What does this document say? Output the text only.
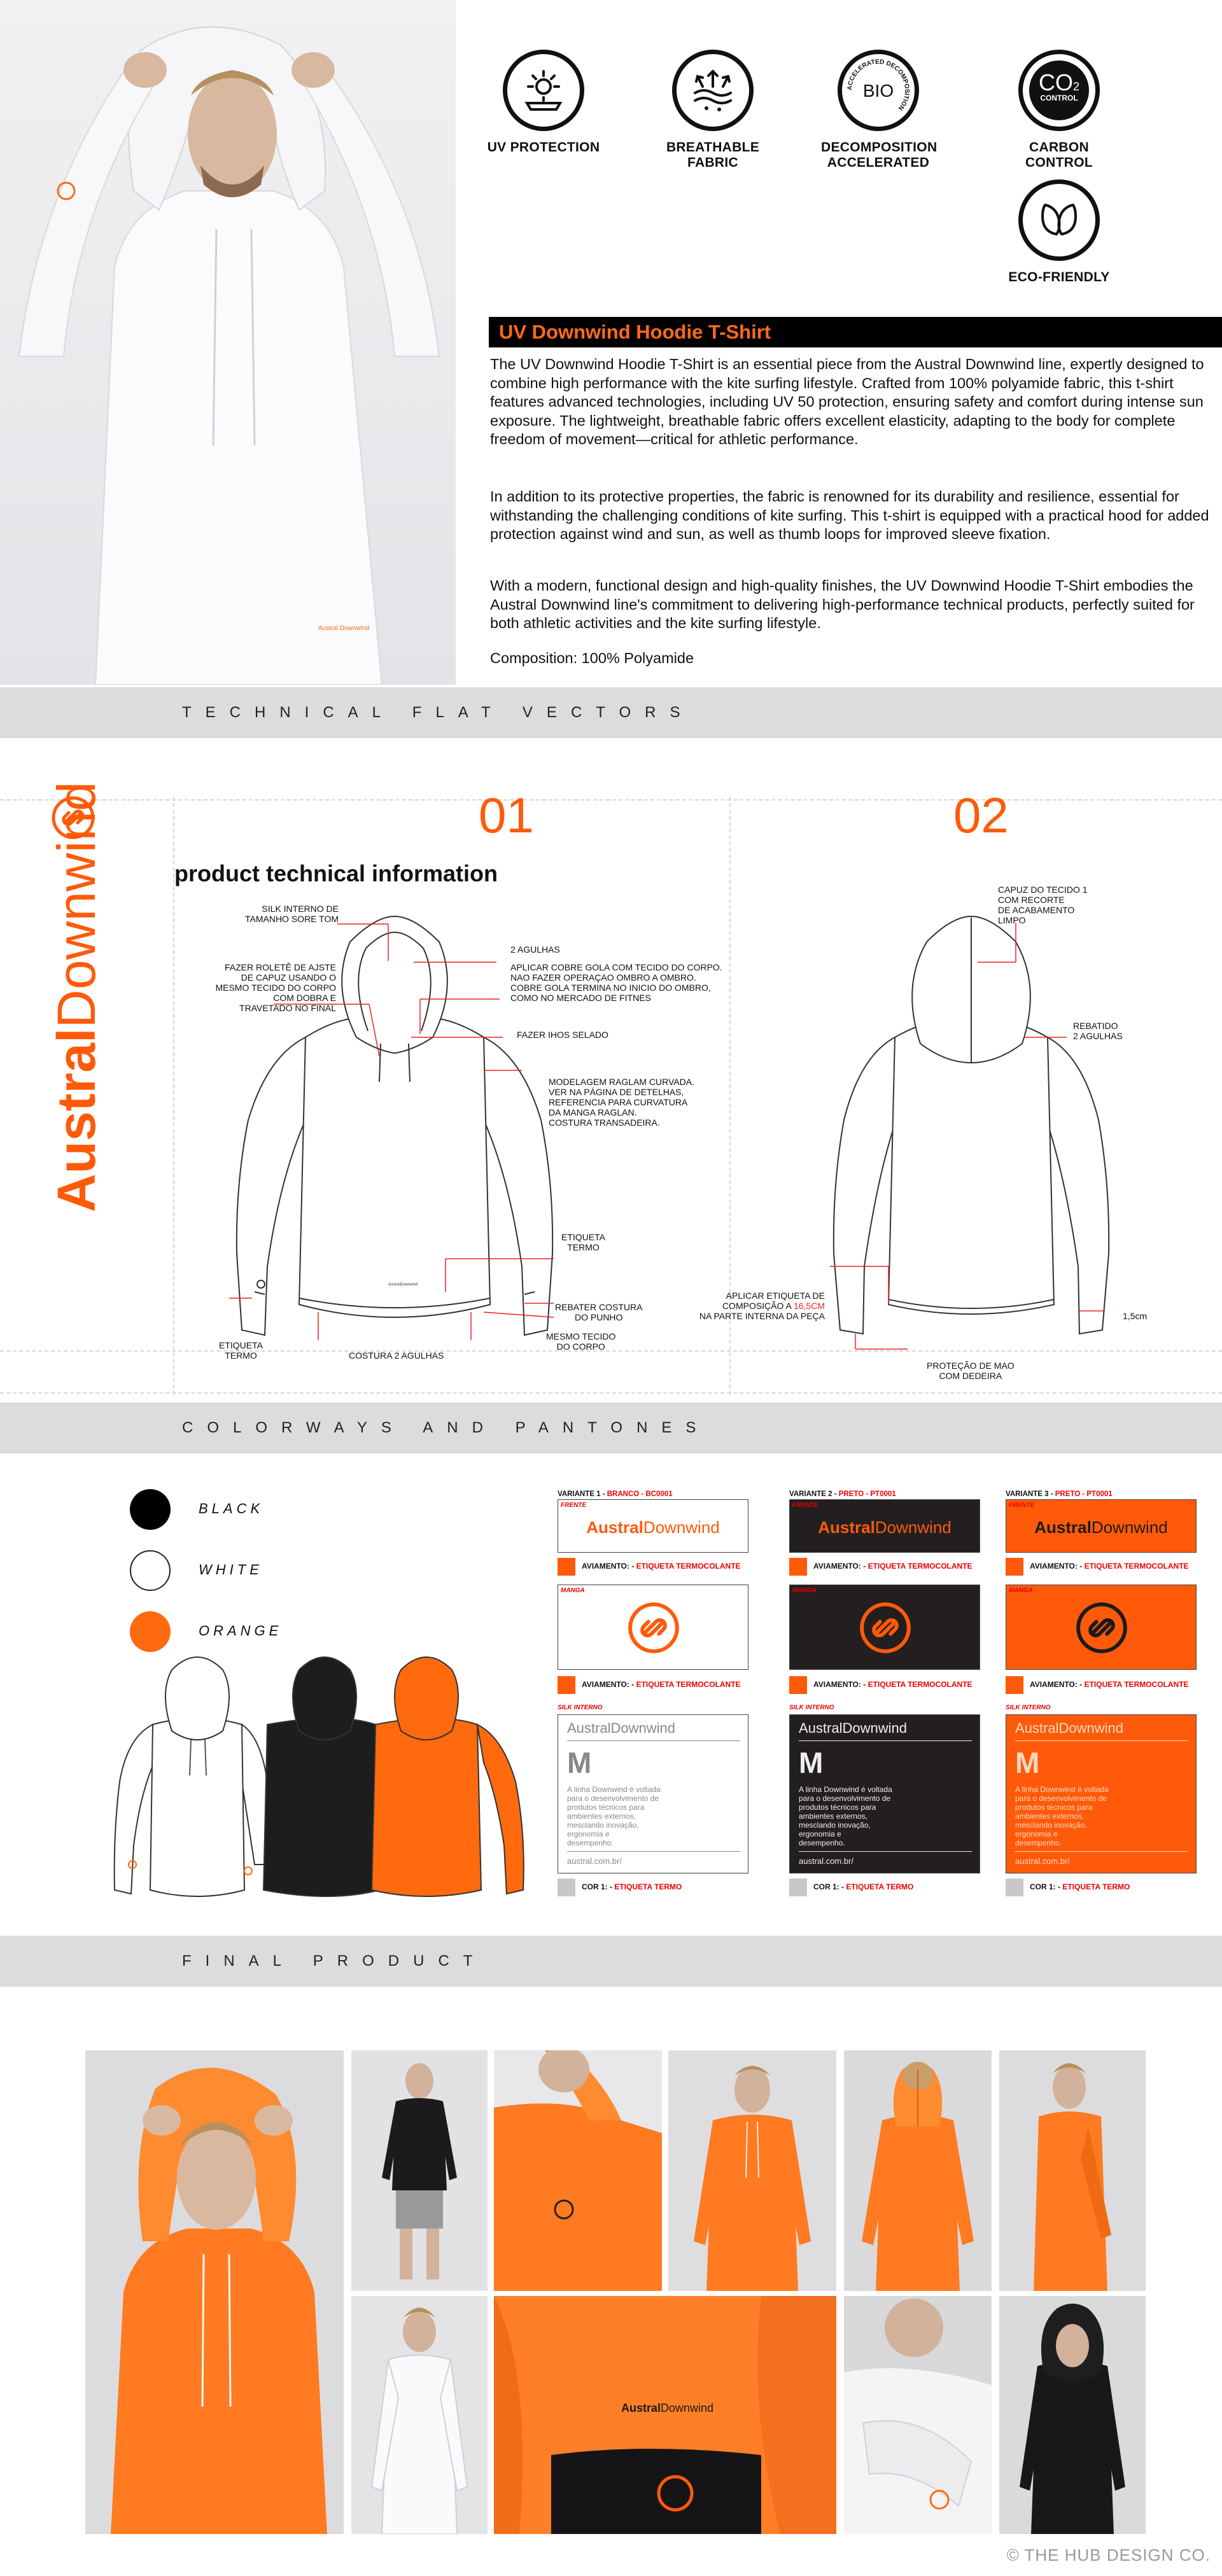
Austral Downwind
UV PROTECTION	BREATHABLE
FABRIC
ACCELERATED DECOMPOSITION
BIO
DECOMPOSITION
ACCELERATED
CO2
CONTROL
CARBON CONTROL
ECO-FRIENDLY
UV Downwind Hoodie T-Shirt

The UV Downwind Hoodie T-Shirt is an essential piece from the Austral Downwind line, expertly designed to combine high performance with the kite surfing lifestyle. Crafted from 100% polyamide fabric, this t-shirt features advanced technologies, including UV 50 protection, ensuring safety and comfort during intense sun exposure. The lightweight, breathable fabric offers excellent elasticity, adapting to the body for complete freedom of movement—critical for athletic performance.

In addition to its protective properties, the fabric is renowned for its durability and resilience, essential for withstanding the challenging conditions of kite surfing. This t-shirt is equipped with a practical hood for added protection against wind and sun, as well as thumb loops for improved sleeve fixation.

With a modern, functional design and high-quality finishes, the UV Downwind Hoodie T-Shirt embodies the Austral Downwind line's commitment to delivering high-performance technical products, perfectly suited for both athletic activities and the kite surfing lifestyle.

Composition: 100% Polyamide

TECHNICAL FLAT VECTORS
AustralDownwind	01	02
product technical information
AustralDownwind
SILK INTERNO DE
TAMANHO SORE TOM
2 AGULHAS
FAZER ROLETÊ DE AJSTE
DE CAPUZ USANDO O
MESMO TECIDO DO CORPO
COM DOBRA E
TRAVETADO NO FINAL
APLICAR COBRE GOLA COM TECIDO DO CORPO.
NAO FAZER OPERAÇAO OMBRO A OMBRO.
COBRE GOLA TERMINA NO INICIO DO OMBRO,
COMO NO MERCADO DE FITNES
FAZER IHOS SELADO
MODELAGEM RAGLAM CURVADA.
VER NA PÁGINA DE DETELHAS,
REFERENCIA PARA CURVATURA
DA MANGA RAGLAN.
COSTURA TRANSADEIRA.
ETIQUETA
TERMO
REBATER COSTURA
DO PUNHO
MESMO TECIDO
DO CORPO
ETIQUETA
TERMO	COSTURA 2 AGULHAS
CAPUZ DO TECIDO 1
COM RECORTE
DE ACABAMENTO
LIMPO
REBATIDO
2 AGULHAS
APLICAR ETIQUETA DE
COMPOSIÇÃO A 16,5CM
NA PARTE INTERNA DA PEÇA	1,5cm
PROTEÇÃO DE MAO
COM DEDEIRA
COLORWAYS AND PANTONES
BLACK
WHITE
ORANGE
VARIANTE 1 - BRANCO - BC0001
FRENTE
AustralDownwind
AVIAMENTO: - ETIQUETA TERMOCOLANTE
MANGA
AVIAMENTO: - ETIQUETA TERMOCOLANTE
SILK INTERNO
AustralDownwind
M
A linha Downwind é voltada
para o desenvolvimento de
produtos técnicos para
ambientes externos,
mesclando inovação,
ergonomia e
desempenho.
austral.com.br/
COR 1: - ETIQUETA TERMO
VARIANTE 2 - PRETO - PT0001
FRENTE
AustralDownwind
AVIAMENTO: - ETIQUETA TERMOCOLANTE
MANGA
AVIAMENTO: - ETIQUETA TERMOCOLANTE
SILK INTERNO
AustralDownwind
M
A linha Downwind é voltada
para o desenvolvimento de
produtos técnicos para
ambientes externos,
mesclando inovação,
ergonomia e
desempenho.
austral.com.br/
COR 1: - ETIQUETA TERMO
VARIANTE 3 - PRETO - PT0001
FRENTE
AustralDownwind
AVIAMENTO: - ETIQUETA TERMOCOLANTE
MANGA
AVIAMENTO: - ETIQUETA TERMOCOLANTE
SILK INTERNO
AustralDownwind
M
A linha Downwind é voltada
para o desenvolvimento de
produtos técnicos para
ambientes externos,
mesclando inovação,
ergonomia e
desempenho.
austral.com.br/
COR 1: - ETIQUETA TERMO
FINAL PRODUCT
AustralDownwind
© THE HUB DESIGN CO.
